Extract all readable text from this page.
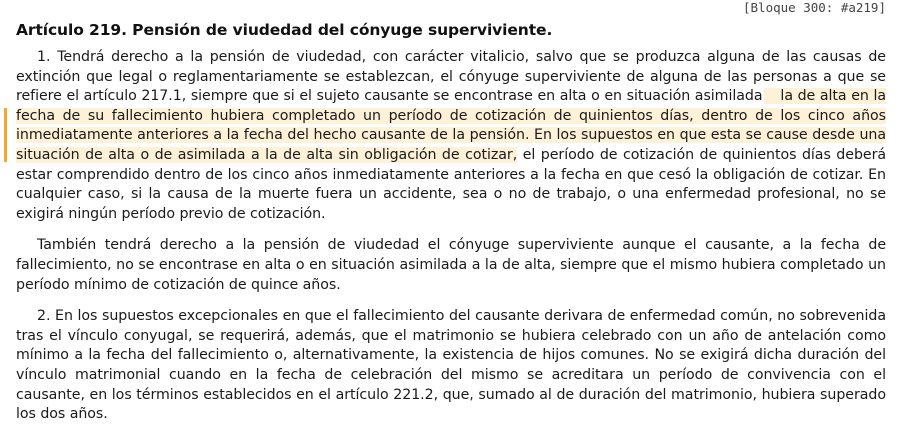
[Bloque 300: #a219]
Artículo 219. Pensión de viudedad del cónyuge superviviente.

1. Tendrá derecho a la pensión de viudedad, con carácter vitalicio, salvo que se produzca alguna de las causas de extinción que legal o reglamentariamente se establezcan, el cónyuge superviviente de alguna de las personas a que se refiere el artículo 217.1, siempre que si el sujeto causante se encontrase en alta o en situación asimilada a la de alta en la fecha de su fallecimiento hubiera completado un período de cotización de quinientos días, dentro de los cinco años inmediatamente anteriores a la fecha del hecho causante de la pensión. En los supuestos en que esta se cause desde una situación de alta o de asimilada a la de alta sin obligación de cotizar, el período de cotización de quinientos días deberá estar comprendido dentro de los cinco años inmediatamente anteriores a la fecha en que cesó la obligación de cotizar. En cualquier caso, si la causa de la muerte fuera un accidente, sea o no de trabajo, o una enfermedad profesional, no se exigirá ningún período previo de cotización.

También tendrá derecho a la pensión de viudedad el cónyuge superviviente aunque el causante, a la fecha de fallecimiento, no se encontrase en alta o en situación asimilada a la de alta, siempre que el mismo hubiera completado un período mínimo de cotización de quince años.

2. En los supuestos excepcionales en que el fallecimiento del causante derivara de enfermedad común, no sobrevenida tras el vínculo conyugal, se requerirá, además, que el matrimonio se hubiera celebrado con un año de antelación como mínimo a la fecha del fallecimiento o, alternativamente, la existencia de hijos comunes. No se exigirá dicha duración del vínculo matrimonial cuando en la fecha de celebración del mismo se acreditara un período de convivencia con el causante, en los términos establecidos en el artículo 221.2, que, sumado al de duración del matrimonio, hubiera superado los dos años.
